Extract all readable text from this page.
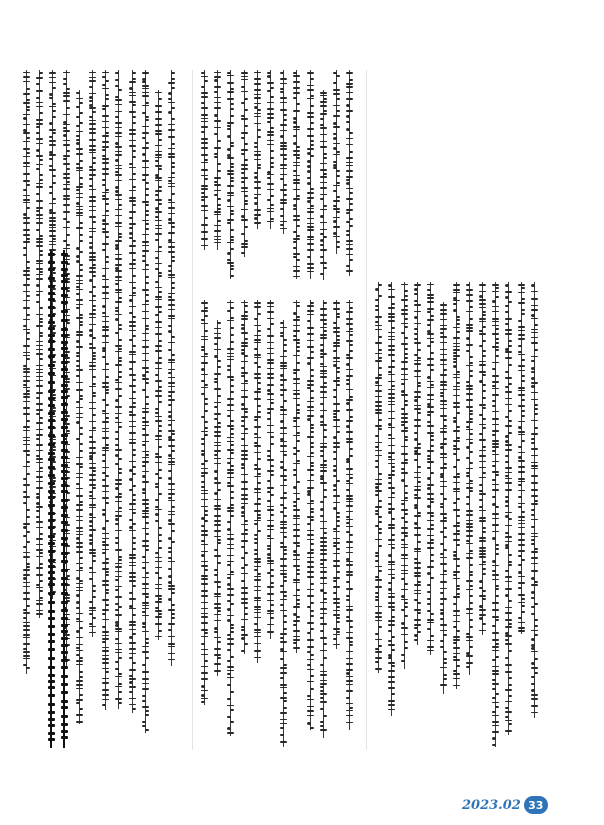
2023.02 33
